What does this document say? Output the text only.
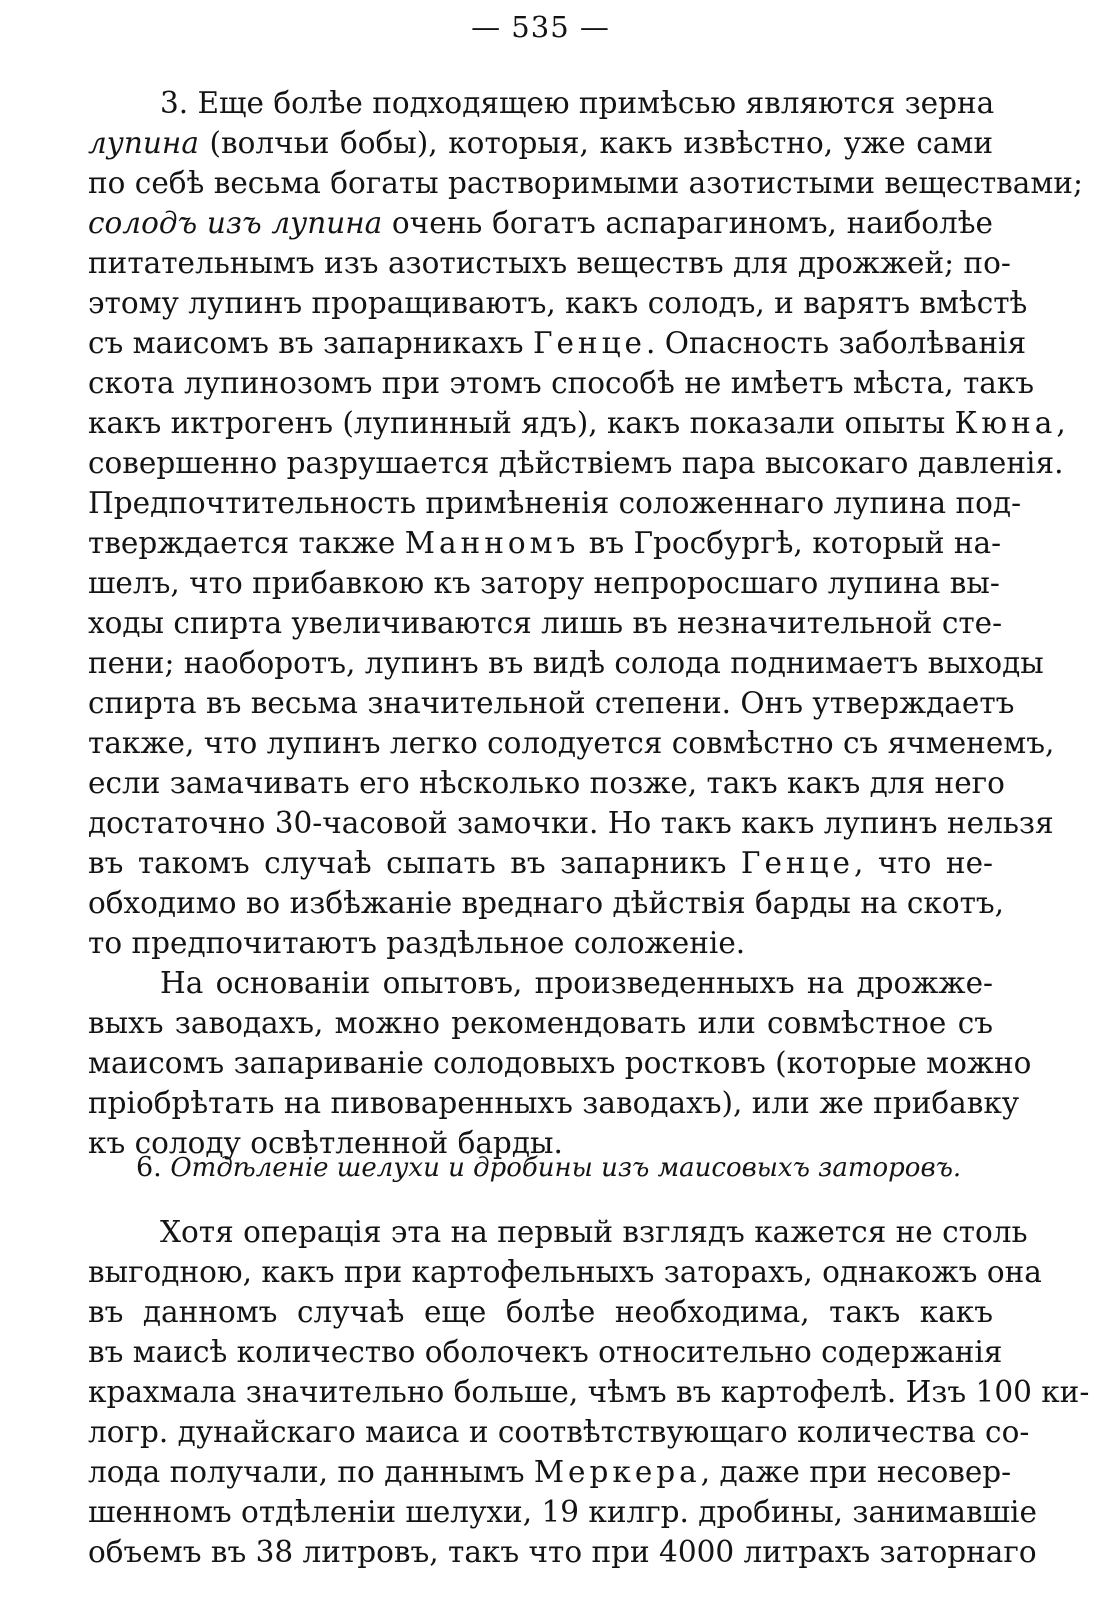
— 535 —
3. Еще болѣе подходящею примѣсью являются зерна
лупина (волчьи бобы), которыя, какъ извѣстно, уже сами
по себѣ весьма богаты растворимыми азотистыми веществами;
солодъ изъ лупина очень богатъ аспарагиномъ, наиболѣе
питательнымъ изъ азотистыхъ веществъ для дрожжей; по-
этому лупинъ проращиваютъ, какъ солодъ, и варятъ вмѣстѣ
съ маисомъ въ запарникахъ Генце. Опасность заболѣванія
скота лупинозомъ при этомъ способѣ не имѣетъ мѣста, такъ
какъ иктрогенъ (лупинный ядъ), какъ показали опыты Кюна,
совершенно разрушается дѣйствіемъ пара высокаго давленія.
Предпочтительность примѣненія соложеннаго лупина под-
тверждается также Манномъ въ Гросбургѣ, который на-
шелъ, что прибавкою къ затору непроросшаго лупина вы-
ходы спирта увеличиваются лишь въ незначительной сте-
пени; наоборотъ, лупинъ въ видѣ солода поднимаетъ выходы
спирта въ весьма значительной степени. Онъ утверждаетъ
также, что лупинъ легко солодуется совмѣстно съ ячменемъ,
если замачивать его нѣсколько позже, такъ какъ для него
достаточно 30-часовой замочки. Но такъ какъ лупинъ нельзя
въ такомъ случаѣ сыпать въ запарникъ Генце, что не-
обходимо во избѣжаніе вреднаго дѣйствія барды на скотъ,
то предпочитаютъ раздѣльное соложеніе.
На основаніи опытовъ, произведенныхъ на дрожже-
выхъ заводахъ, можно рекомендовать или совмѣстное съ
маисомъ запариваніе солодовыхъ ростковъ (которые можно
пріобрѣтать на пивоваренныхъ заводахъ), или же прибавку
къ солоду освѣтленной барды.
Хотя операція эта на первый взглядъ кажется не столь
выгодною, какъ при картофельныхъ заторахъ, однакожъ она
въ данномъ случаѣ еще болѣе необходима, такъ какъ
въ маисѣ количество оболочекъ относительно содержанія
крахмала значительно больше, чѣмъ въ картофелѣ. Изъ 100 ки-
логр. дунайскаго маиса и соотвѣтствующаго количества со-
лода получали, по даннымъ Меркера, даже при несовер-
шенномъ отдѣленіи шелухи, 19 килгр. дробины, занимавшіе
объемъ въ 38 литровъ, такъ что при 4000 литрахъ заторнаго
6. Отдѣленіе шелухи и дробины изъ маисовыхъ заторовъ.
